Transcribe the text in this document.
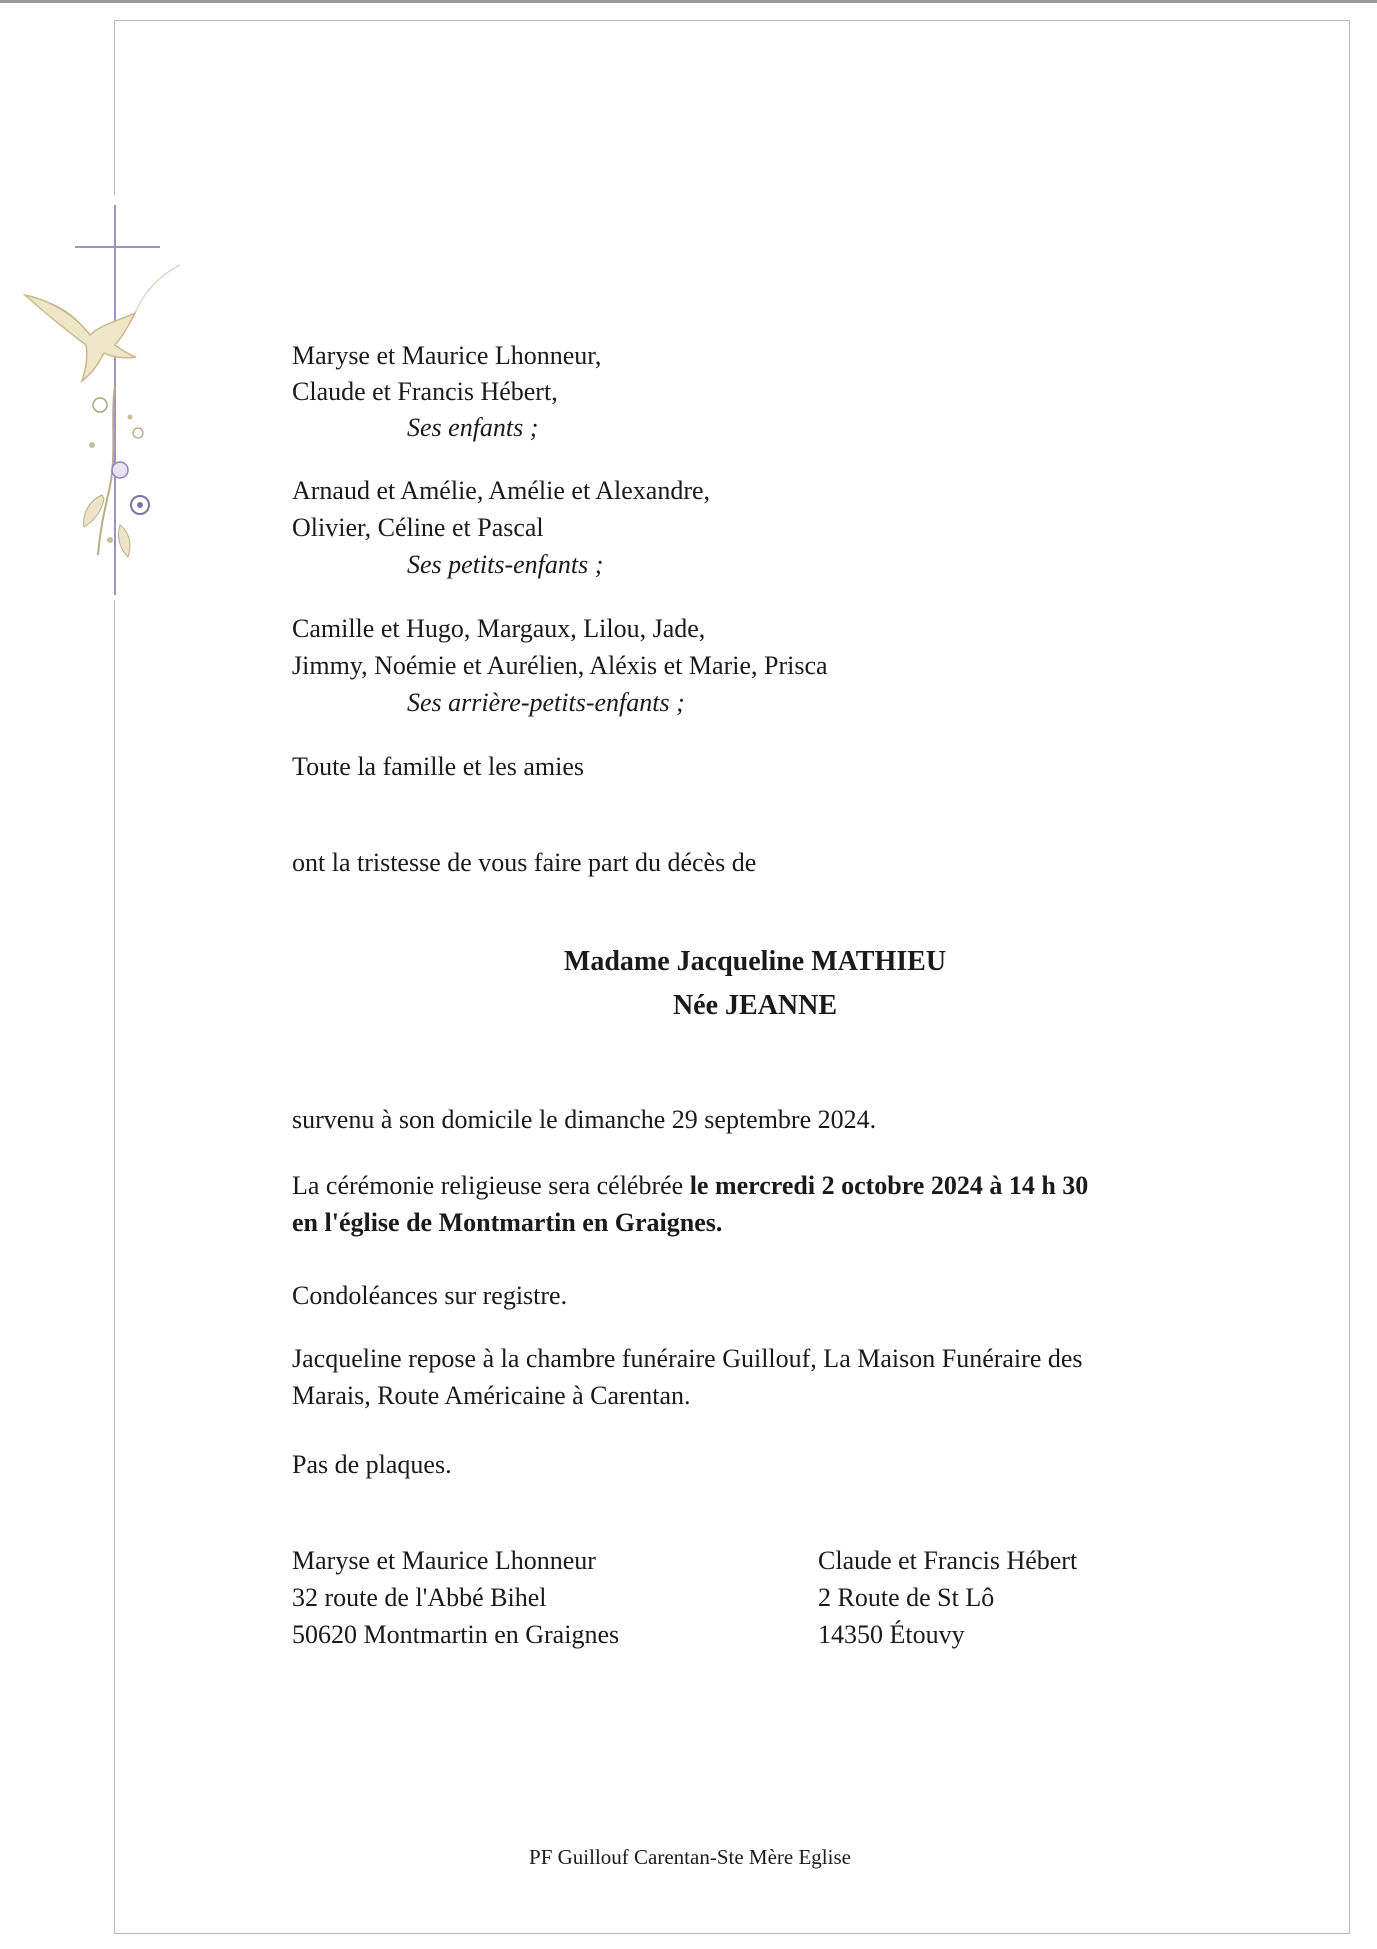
Maryse et Maurice Lhonneur,
Claude et Francis Hébert,
Ses enfants ;
Arnaud et Amélie, Amélie et Alexandre,
Olivier, Céline et Pascal
Ses petits-enfants ;
Camille et Hugo, Margaux, Lilou, Jade,
Jimmy, Noémie et Aurélien, Aléxis et Marie, Prisca
Ses arrière-petits-enfants ;
Toute la famille et les amies
ont la tristesse de vous faire part du décès de
Madame Jacqueline MATHIEU
Née JEANNE
survenu à son domicile le dimanche 29 septembre 2024.
La cérémonie religieuse sera célébrée le mercredi 2 octobre 2024 à 14 h 30
en l'église de Montmartin en Graignes.
Condoléances sur registre.
Jacqueline repose à la chambre funéraire Guillouf, La Maison Funéraire des
Marais, Route Américaine à Carentan.
Pas de plaques.
Maryse et Maurice Lhonneur
32 route de l'Abbé Bihel
50620 Montmartin en Graignes
Claude et Francis Hébert
2 Route de St Lô
14350 Étouvy
PF Guillouf Carentan-Ste Mère Eglise
